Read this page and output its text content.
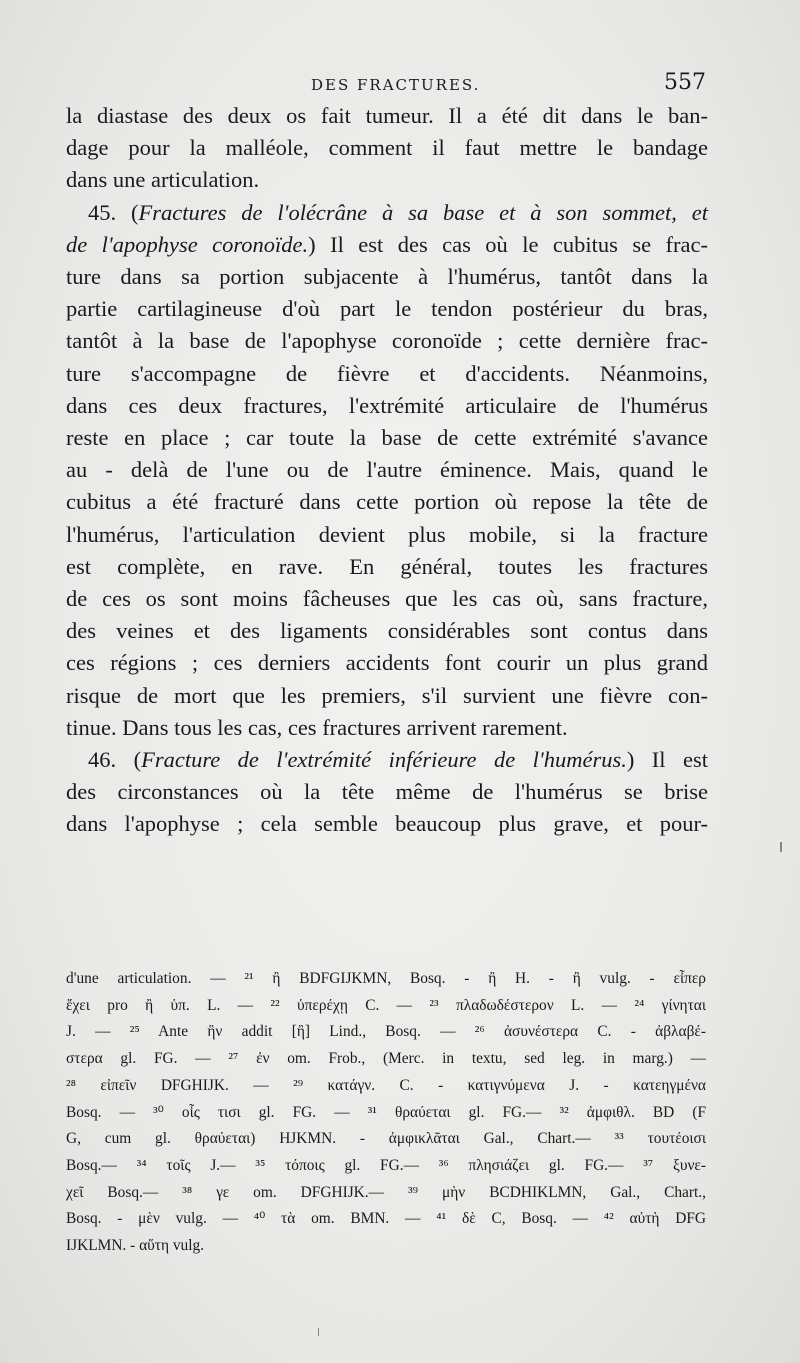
DES FRACTURES.	557
la diastase des deux os fait tumeur. Il a été dit dans le ban-
dage pour la malléole, comment il faut mettre le bandage
dans une articulation.
45. (Fractures de l'olécrâne à sa base et à son sommet, et
de l'apophyse coronoïde.) Il est des cas où le cubitus se frac-
ture dans sa portion subjacente à l'humérus, tantôt dans la
partie cartilagineuse d'où part le tendon postérieur du bras,
tantôt à la base de l'apophyse coronoïde ; cette dernière frac-
ture s'accompagne de fièvre et d'accidents. Néanmoins,
dans ces deux fractures, l'extrémité articulaire de l'humérus
reste en place ; car toute la base de cette extrémité s'avance
au - delà de l'une ou de l'autre éminence. Mais, quand le
cubitus a été fracturé dans cette portion où repose la tête de
l'humérus, l'articulation devient plus mobile, si la fracture
est complète, en rave. En général, toutes les fractures
de ces os sont moins fâcheuses que les cas où, sans fracture,
des veines et des ligaments considérables sont contus dans
ces régions ; ces derniers accidents font courir un plus grand
risque de mort que les premiers, s'il survient une fièvre con-
tinue. Dans tous les cas, ces fractures arrivent rarement.
46. (Fracture de l'extrémité inférieure de l'humérus.) Il est
des circonstances où la tête même de l'humérus se brise
dans l'apophyse ; cela semble beaucoup plus grave, et pour-
d'une articulation. — ²¹ ἢ BDFGIJKMN, Bosq. - ἢ H. - ἢ vulg. - εἶπερ
ἔχει pro ἢ ὑπ. L. — ²² ὑπερέχῃ C. — ²³ πλαδωδέστερον L. — ²⁴ γίνηται
J. — ²⁵ Ante ἣν addit [ἢ] Lind., Bosq. — ²⁶ ἀσυνέστερα C. - ἀβλαβέ-
στερα gl. FG. — ²⁷ ἐν om. Frob., (Merc. in textu, sed leg. in marg.) —
²⁸ εἰπεῖν DFGHIJK. — ²⁹ κατάγν. C. - κατιγνύμενα J. - κατεηγμένα
Bosq. — ³⁰ οἷς τισι gl. FG. — ³¹ θραύεται gl. FG.— ³² ἀμφιθλ. BD (F
G, cum gl. θραύεται) HJKMN. - ἀμφικλᾶται Gal., Chart.— ³³ τουτέοισι
Bosq.— ³⁴ τοῖς J.— ³⁵ τόποις gl. FG.— ³⁶ πλησιάζει gl. FG.— ³⁷ ξυνε-
χεῖ Bosq.— ³⁸ γε om. DFGHIJK.— ³⁹ μὴν BCDHIKLMN, Gal., Chart.,
Bosq. - μὲν vulg. — ⁴⁰ τὰ om. BMN. — ⁴¹ δὲ C, Bosq. — ⁴² αὐτὴ DFG
IJKLMN. - αὕτη vulg.
